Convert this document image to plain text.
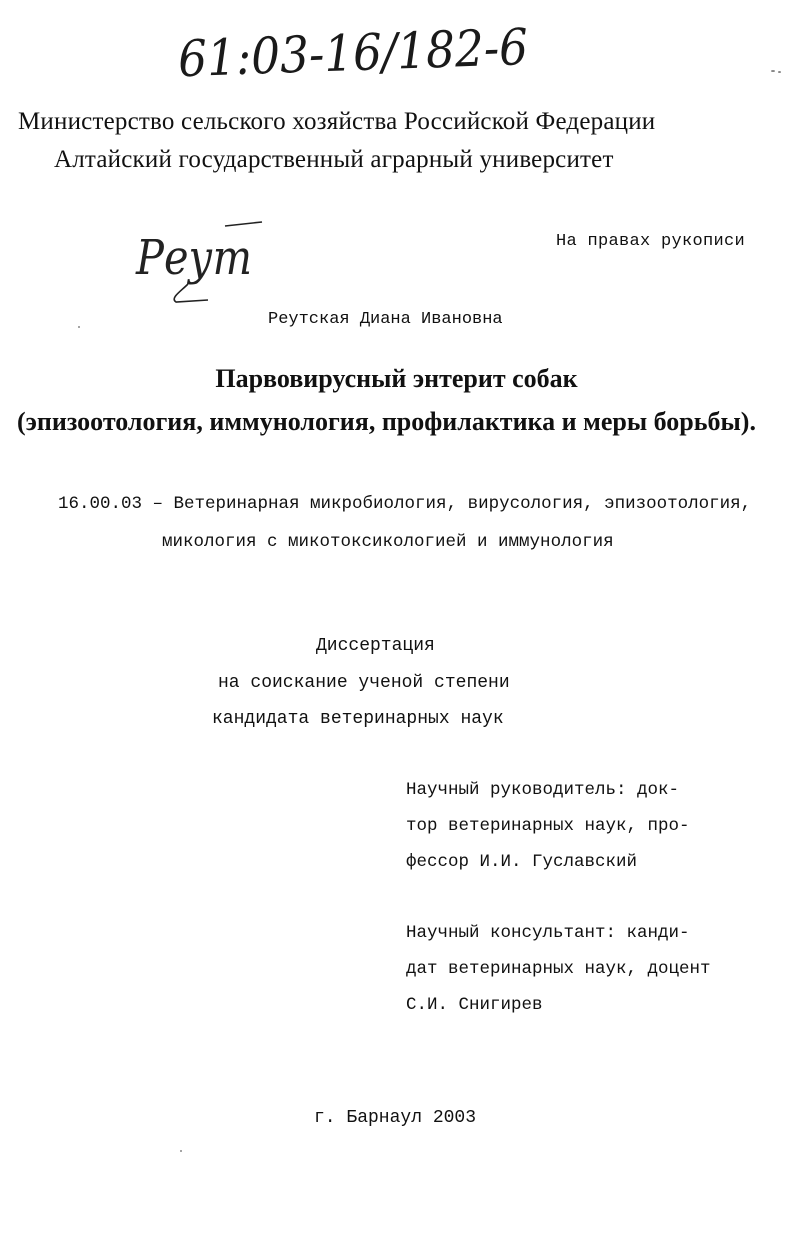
61:03-16/182-6
Министерство сельского хозяйства Российской Федерации
Алтайский государственный аграрный университет
Реут	На правах рукописи
Реутская Диана Ивановна
Парвовирусный энтерит собак
(эпизоотология, иммунология, профилактика и меры борьбы).
16.00.03 – Ветеринарная микробиология, вирусология, эпизоотология,
микология с микотоксикологией и иммунология
Диссертация
на соискание ученой степени
кандидата ветеринарных наук
Научный руководитель: док-
тор ветеринарных наук, про-
фессор И.И. Гуславский
Научный консультант: канди-
дат ветеринарных наук, доцент
С.И. Снигирев
г. Барнаул 2003
